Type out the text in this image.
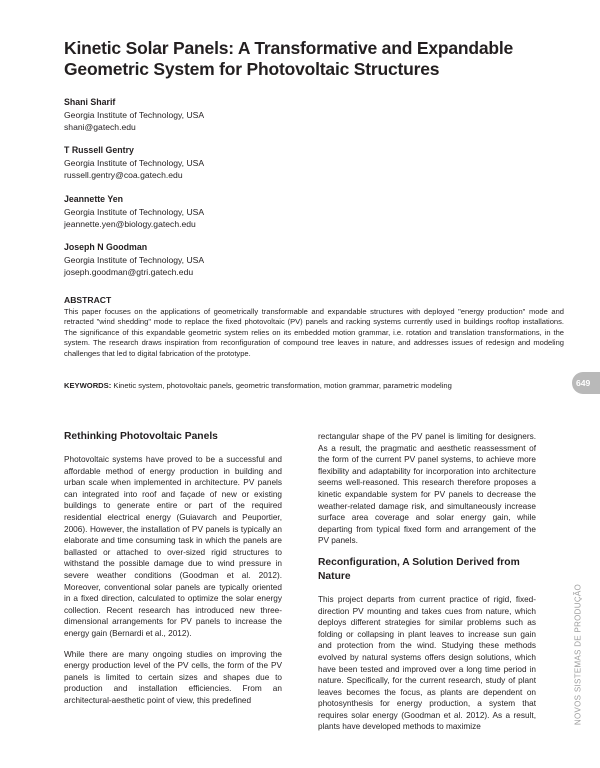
Kinetic Solar Panels: A Transformative and Expandable
Geometric System for Photovoltaic Structures
Shani Sharif
Georgia Institute of Technology, USA
shani@gatech.edu
T Russell Gentry
Georgia Institute of Technology, USA
russell.gentry@coa.gatech.edu
Jeannette Yen
Georgia Institute of Technology, USA
jeannette.yen@biology.gatech.edu
Joseph N Goodman
Georgia Institute of Technology, USA
joseph.goodman@gtri.gatech.edu
ABSTRACT
This paper focuses on the applications of geometrically transformable and expandable structures with deployed "energy production" mode and retracted "wind shedding" mode to replace the fixed photovoltaic (PV) panels and racking systems currently used in buildings rooftop installations. The significance of this expandable geometric system relies on its embedded motion grammar, i.e. rotation and translation transformations, in the system. The research draws inspiration from reconfiguration of compound tree leaves in nature, and addresses issues of redesign and modeling challenges that led to digital fabrication of the prototype.
KEYWORDS: Kinetic system, photovoltaic panels, geometric transformation, motion grammar, parametric modeling	649
Rethinking Photovoltaic Panels

Photovoltaic systems have proved to be a successful and affordable method of energy production in building and urban scale when implemented in architecture. PV panels can integrated into roof and façade of new or existing buildings to generate entire or part of the required residential electrical energy (Guiavarch and Peuportier, 2006). However, the installation of PV panels is typically an elaborate and time consuming task in which the panels are ballasted or attached to over-sized rigid structures to withstand the possible damage due to wind pressure in severe weather conditions (Goodman et al. 2012). Moreover, conventional solar panels are typically oriented in a fixed direction, calculated to optimize the solar energy collection. Recent research has introduced new three-dimensional arrangements for PV panels to increase the energy gain (Bernardi et al., 2012).

While there are many ongoing studies on improving the energy production level of the PV cells, the form of the PV panels is limited to certain sizes and shapes due to production and installation efficiencies. From an architectural-aesthetic point of view, this predefined

rectangular shape of the PV panel is limiting for designers. As a result, the pragmatic and aesthetic reassessment of the form of the current PV panel systems, to achieve more flexibility and adaptability for incorporation into architecture seems well-reasoned. This research therefore proposes a kinetic expandable system for PV panels to decrease the weather-related damage risk, and simultaneously increase surface area coverage and solar energy gain, while departing from typical fixed form and arrangement of the PV panels.

Reconfiguration, A Solution Derived from Nature

This project departs from current practice of rigid, fixed-direction PV mounting and takes cues from nature, which deploys different strategies for similar problems such as folding or collapsing in plant leaves to increase sun gain and protection from the wind. Studying these methods evolved by natural systems offers design solutions, which have been tested and improved over a long time period in nature. Specifically, for the current research, study of plant leaves becomes the focus, as plants are dependent on photosynthesis for energy production, a system that requires solar energy (Goodman et al. 2012). As a result, plants have developed methods to maximize

NOVOS SISTEMAS DE PRODUÇÃO
